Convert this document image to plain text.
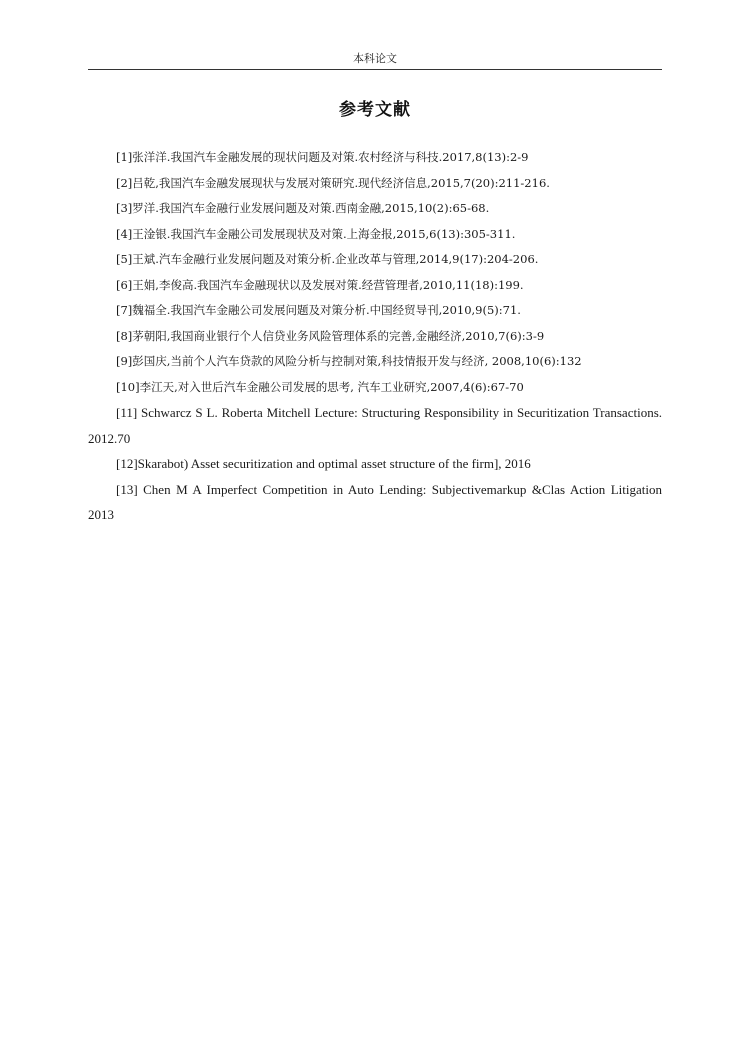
本科论文
参考文献
[1]张洋洋.我国汽车金融发展的现状问题及对策.农村经济与科技.2017,8(13):2-9
[2]吕乾,我国汽车金融发展现状与发展对策研究.现代经济信息,2015,7(20):211-216.
[3]罗洋.我国汽车金融行业发展问题及对策.西南金融,2015,10(2):65-68.
[4]王淦银.我国汽车金融公司发展现状及对策.上海金报,2015,6(13):305-311.
[5]王斌.汽车金融行业发展问题及对策分析.企业改革与管理,2014,9(17):204-206.
[6]王娟,李俊高.我国汽车金融现状以及发展对策.经营管理者,2010,11(18):199.
[7]魏福全.我国汽车金融公司发展问题及对策分析.中国经贸导刊,2010,9(5):71.
[8]茅朝阳,我国商业银行个人信贷业务风险管理体系的完善,金融经济,2010,7(6):3-9
[9]彭国庆,当前个人汽车贷款的风险分析与控制对策,科技情报开发与经济, 2008,10(6):132
[10]李江天,对入世后汽车金融公司发展的思考, 汽车工业研究,2007,4(6):67-70
[11] Schwarcz S L. Roberta Mitchell Lecture: Structuring Responsibility in Securitization Transactions. 2012.70
[12]Skarabot) Asset securitization and optimal asset structure of the firm], 2016
[13] Chen M A Imperfect Competition in Auto Lending: Subjectivemarkup &Clas Action Litigation 2013
